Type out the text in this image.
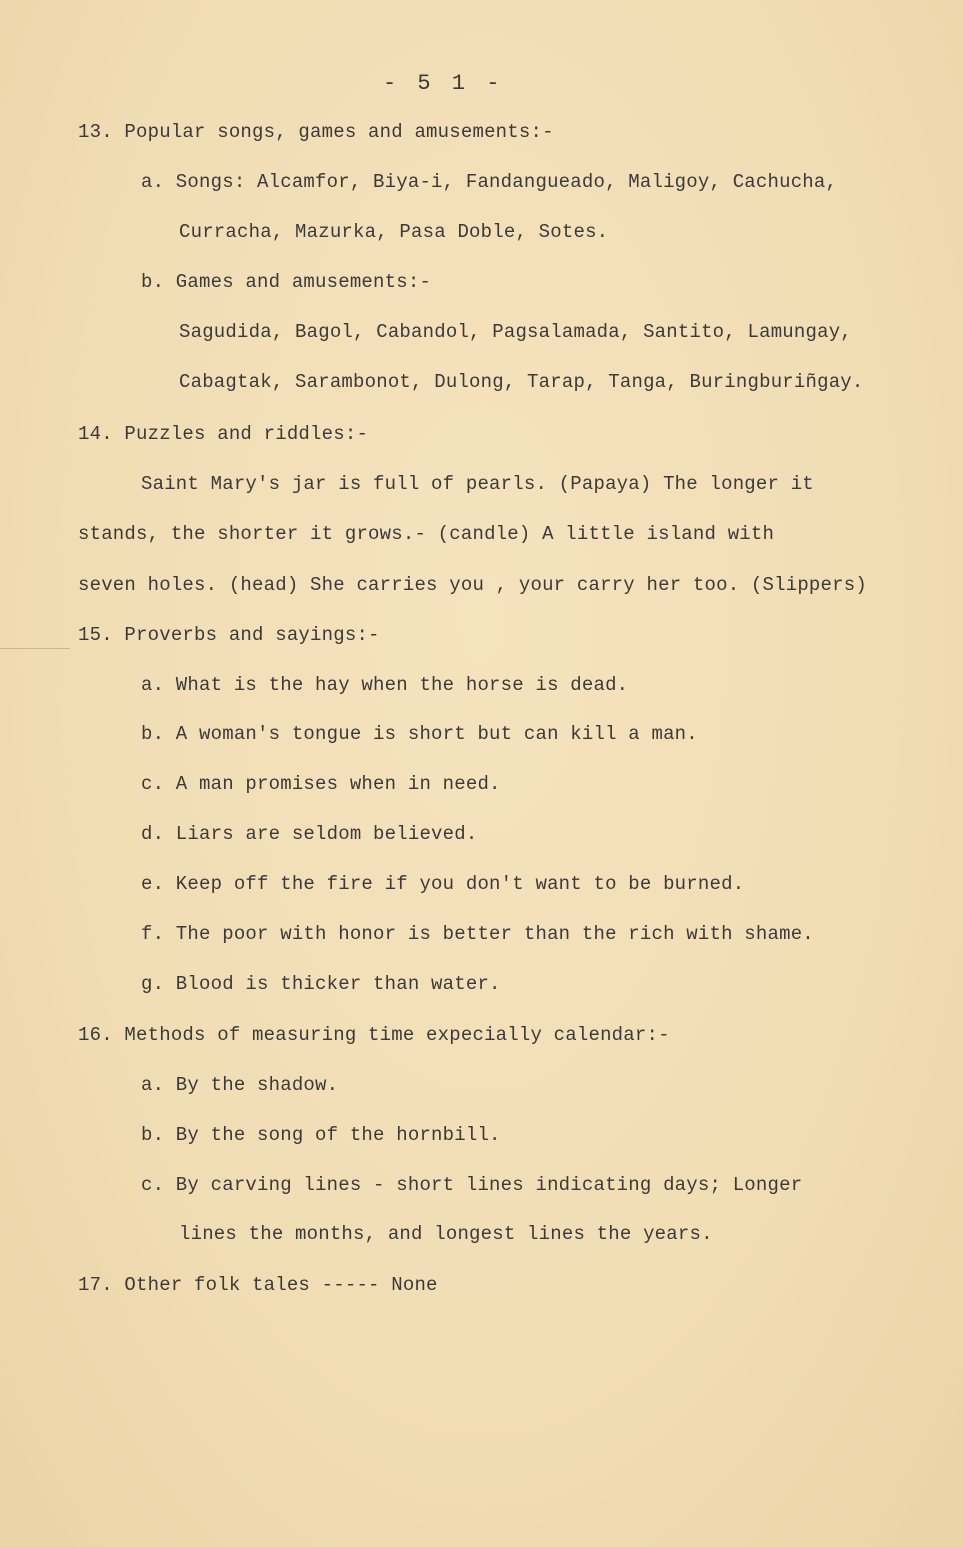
- 5 1 -
13. Popular songs, games and amusements:-
a. Songs: Alcamfor, Biya-i, Fandangueado, Maligoy, Cachucha,
Curracha, Mazurka, Pasa Doble, Sotes.
b. Games and amusements:-
Sagudida, Bagol, Cabandol, Pagsalamada, Santito, Lamungay,
Cabagtak, Sarambonot, Dulong, Tarap, Tanga, Buringburiñgay.
14. Puzzles and riddles:-
Saint Mary's jar is full of pearls. (Papaya) The longer it
stands, the shorter it grows.- (candle) A little island with
seven holes. (head) She carries you , your carry her too. (Slippers)
15. Proverbs and sayings:-
a. What is the hay when the horse is dead.
b. A woman's tongue is short but can kill a man.
c. A man promises when in need.
d. Liars are seldom believed.
e. Keep off the fire if you don't want to be burned.
f. The poor with honor is better than the rich with shame.
g. Blood is thicker than water.
16. Methods of measuring time expecially calendar:-
a. By the shadow.
b. By the song of the hornbill.
c. By carving lines - short lines indicating days; Longer
lines the months, and longest lines the years.
17. Other folk tales ----- None
